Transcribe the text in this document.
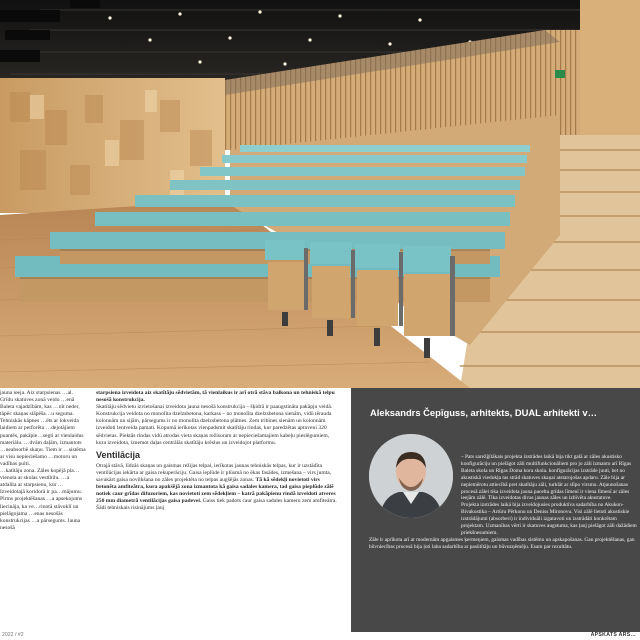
jauna ieeja. Aiz starpsienas …al. Grīdu skatuves zonā veido …enā Baleta vajadzībām, kas …nīt neder, tāpēc skaņas slāpēša…u seguma. Tehniskās kāpnes …ēts ar lokveida laidiem ar perforēta …dejotājiem puantēs, pakāpie…segti ar vienlaidus materiālu. …dvām daļām, izmantots …neabsorbē skaņu. Tiem ir …sistēma ar visu nepieciešamo …motoru un vadības pulti.

…katītāju zona. Zāles kopējā pla…vienota ar skolas vestibilu. …a atdalīta ar starpsienu, kur …Izveidotajā koridorā ir pa…mājumu. Pirms projektēšanas …a apsekojums liecināja, ka ve…rinotā stāvoklī un pielāgojama …enas nesošās konstrukcijas …a pārsegums. Jauna nesošā

starpsiena izveidota aiz skatītāju sēdvietām, tā vienlaikus ir arī otrā stāva balkona un tehniskā telpu nesošā konstrukcija.

Skatītāju sēdvietu izvietošanai izveidota jauna nesošā konstrukcija – šķidrā ir paaugstināta pakāpju veidā. Konstrukcija veidota no monolīta dzelzsbetona, karkass – no monolīta dzelzsbetona sienām, vidū tērauda kolonnām un sijām, pārsegums ir no monolīta dzelzsbetona plātnes. Zem tribīnes sienām un kolonnām izveidoti lentveida pamati. Kopumā ierīkotas vienpadsmit skatītāju rindas, kur paredzētas aptuveni 320 sēdvietas. Piektās rindas vidū atrodas vieta skaņas režisoram ar nepieciešamajiem kabeļu pieslēgumiem, kura izveidota, iznemot daļas centrālās skatītāju krēslus un izveidojot platformu.

Ventilācija

Otrajā stāvā, līdzās skaņas un gaismas režijas telpai, ierīkotas jaunas tehniskās telpas, kur ir uzstādīta ventilācijas iekārta ar gaisa rekuperāciju. Gaisa ieplūde ir plūsmā no ēkas fasādes, izmešana – virs jumta, savukārt gaisa novilkšana no zāles projektēta no telpas augšējās zonas. Tā kā sēdekļi novietoti virs betonēta amfiteātra, kura apakšējā zona izmantota kā gaisa sadales kamera, tad gaisa pieplūde zālē notiek caur grīdas difuzoriem, kas novietoti zem sēdekļiem – katrā pakāpienu rindā izveidoti atveres 250 mm diametrā ventilācijas gaisa padevei. Gaiss tiek padots caur gaisa sadales kameru zem amfiteātra. Šādi tehniskais risinājums ļauj

Aleksandrs Čepīguss, arhitekts, DUAL arhitekti v…

– Pats sarežģītākais projekta izstrādes laikā bija tikt galā ar zāles akustisko konfigurāciju un pielāgot zāli multifunkcionāliem pro jo zāli izmanto arī Rīgas Baleta skola un Rīgas Doma kora skola. konfigurācijas izstrāde juuti, bet no akustiskā viedokļa tas strād skatuves skaņai atstarojošas apdaru. Zāle bija ar nepiemērotu attiecībā pret skatītāju zāli, turklāt ar slīpo virsmu. Atjaunošanas procesā zālei tika izveidota jauna pacelta grīdas līmenī ir viena līmenī ar zāles ieejām zālē. Tika izveidotas divas jaunas zāles un izbīvēta akustatuve.

Projekta izstrādes laikā bija izveidojusies produktīva sadarbība no Akukon-Bivakustika – Artūru Pērkonu un Deniss Mironovu. Visi zālē lietoti akustiskie izstrādājumi (absorberi) ir individuāli izgatavoti un izstrādāti konkrētam projektam. Uzmanības vērti ir skatuves augstuma, kas ļauj pielāgot zāli dažādiem priekšnesumiem.

Zāle ir aprīkota arī ar modernām apgaismes ķermeņiem, gaismas vadības sistēmu un apskapošanas. Gan projektēšanas, gan būvniecības procesā bija ļoti laba sadarbība ar pasūtītāju un būvuzņēmēju. Esam par rezultātu.

2022 / #2	APSKATS ARS…
